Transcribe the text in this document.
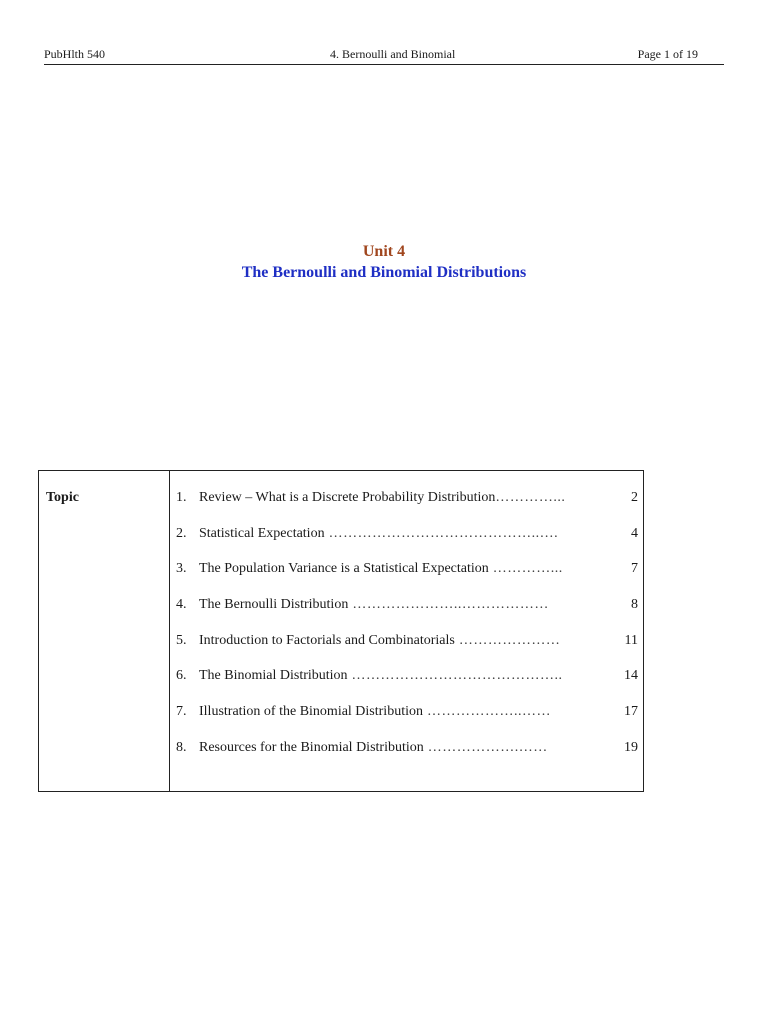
PubHlth 540	4. Bernoulli and Binomial	Page 1 of 19
Unit 4
The Bernoulli and Binomial Distributions
Topic	1. Review – What is a Discrete Probability Distribution…………...	2
2. Statistical Expectation ……………………………………..….	4
3. The Population Variance is a Statistical Expectation …………...	7
4. The Bernoulli Distribution …………………..………………	8
5. Introduction to Factorials and Combinatorials …………………	11
6. The Binomial Distribution ……………………………………..	14
7. Illustration of the Binomial Distribution ………………..……	17
8. Resources for the Binomial Distribution ……………….……	19
